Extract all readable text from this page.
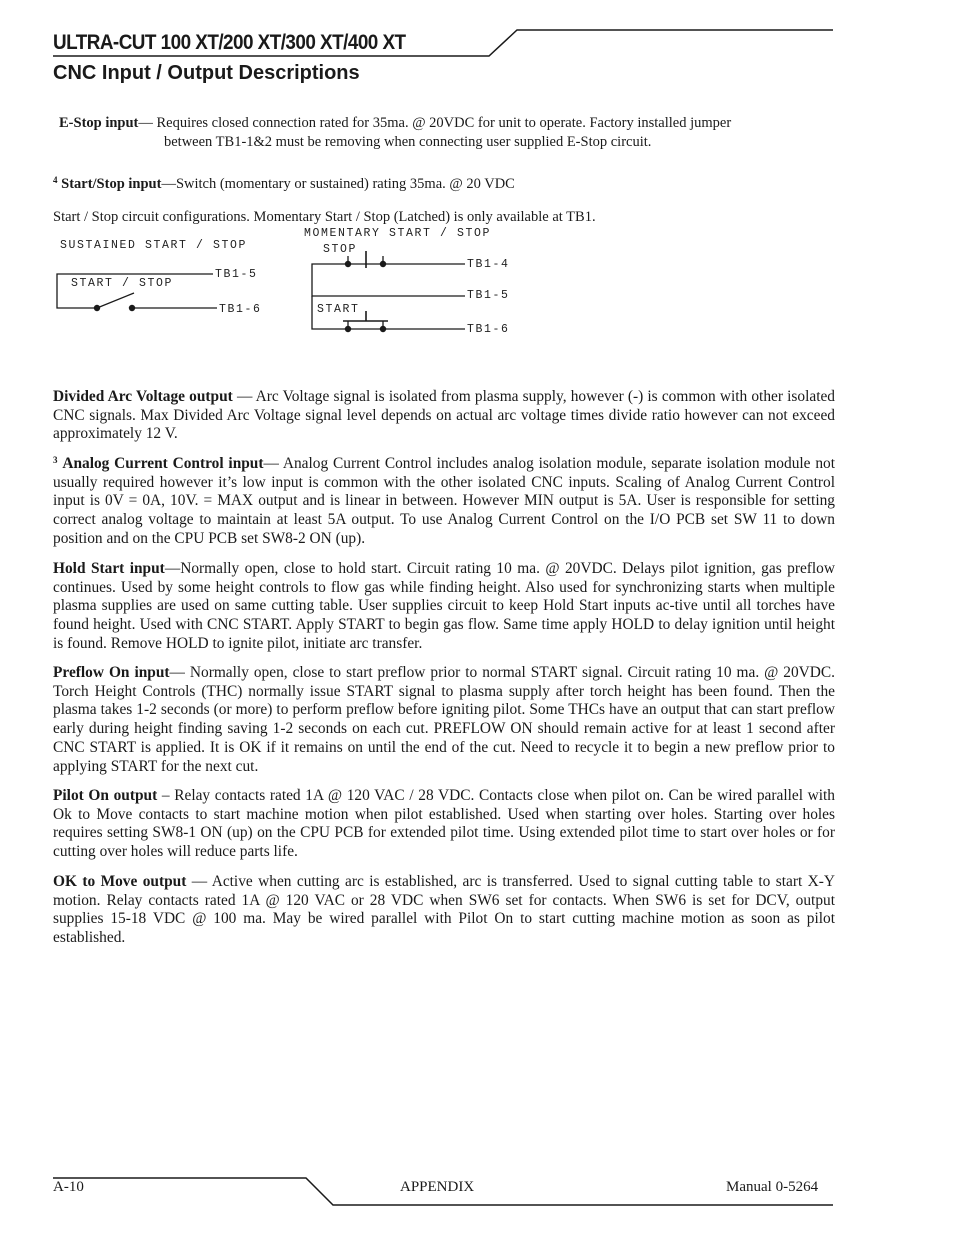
ULTRA-CUT 100 XT/200 XT/300 XT/400 XT
CNC Input / Output Descriptions
E-Stop input— Requires closed connection rated for 35ma. @ 20VDC for unit to operate. Factory installed jumper
between TB1-1&2 must be removing when connecting user supplied E-Stop circuit.
$^4$ Start/Stop input—Switch (momentary or sustained) rating 35ma. @ 20 VDC
Start / Stop circuit configurations. Momentary Start / Stop (Latched) is only available at TB1.
SUSTAINED START / STOP
START / STOP
TB1-5
TB1-6
MOMENTARY START / STOP
STOP
START
TB1-4
TB1-5
TB1-6
Divided Arc Voltage output — Arc Voltage signal is isolated from plasma supply, however (-) is common with other isolated CNC signals. Max Divided Arc Voltage signal level depends on actual arc voltage times divide ratio however can not exceed approximately 12 V.
$^3$ Analog Current Control input— Analog Current Control includes analog isolation module, separate isolation module not usually required however it’s low input is common with the other isolated CNC inputs. Scaling of Analog Current Control input is 0V = 0A, 10V. = MAX output and is linear in between. However MIN output is 5A. User is responsible for setting correct analog voltage to maintain at least 5A output. To use Analog Current Control on the I/O PCB set SW 11 to down position and on the CPU PCB set SW8-2 ON (up).
Hold Start input—Normally open, close to hold start. Circuit rating 10 ma. @ 20VDC. Delays pilot ignition, gas preflow continues. Used by some height controls to flow gas while finding height. Also used for synchronizing starts when multiple plasma supplies are used on same cutting table. User supplies circuit to keep Hold Start inputs ac-tive until all torches have found height. Used with CNC START. Apply START to begin gas flow. Same time apply HOLD to delay ignition until height is found. Remove HOLD to ignite pilot, initiate arc transfer.
Preflow On input— Normally open, close to start preflow prior to normal START signal. Circuit rating 10 ma. @ 20VDC. Torch Height Controls (THC) normally issue START signal to plasma supply after torch height has been found. Then the plasma takes 1-2 seconds (or more) to perform preflow before igniting pilot. Some THCs have an output that can start preflow early during height finding saving 1-2 seconds on each cut. PREFLOW ON should remain active for at least 1 second after CNC START is applied. It is OK if it remains on until the end of the cut. Need to recycle it to begin a new preflow prior to applying START for the next cut.
Pilot On output – Relay contacts rated 1A @ 120 VAC / 28 VDC. Contacts close when pilot on. Can be wired parallel with Ok to Move contacts to start machine motion when pilot established. Used when starting over holes. Starting over holes requires setting SW8-1 ON (up) on the CPU PCB for extended pilot time. Using extended pilot time to start over holes or for cutting over holes will reduce parts life.
OK to Move output — Active when cutting arc is established, arc is transferred. Used to signal cutting table to start X-Y motion. Relay contacts rated 1A @ 120 VAC or 28 VDC when SW6 set for contacts. When SW6 is set for DCV, output supplies 15-18 VDC @ 100 ma. May be wired parallel with Pilot On to start cutting machine motion as soon as pilot established.
A-10	APPENDIX	Manual 0-5264
